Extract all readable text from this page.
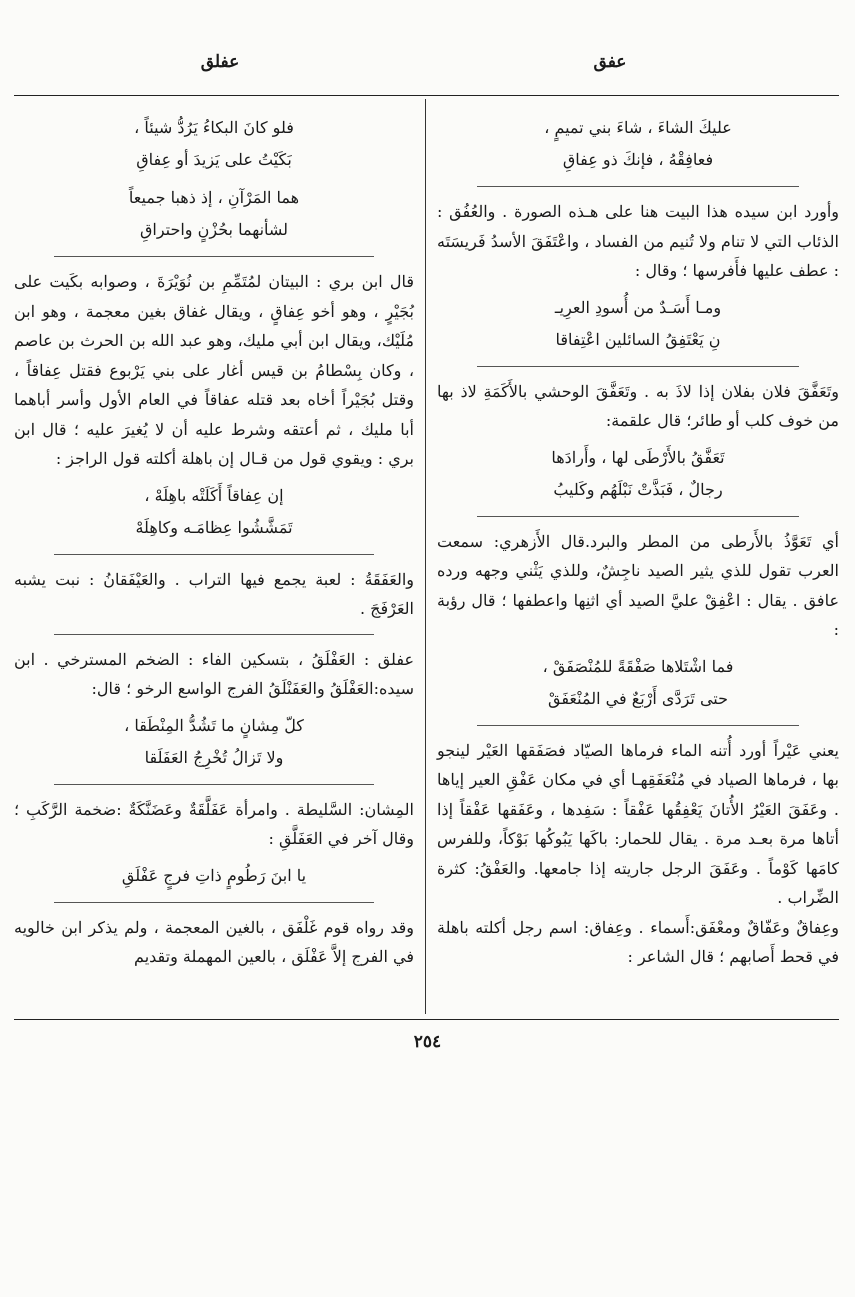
عفلق	عفق
عليكَ الشاءَ ، شاءَ بني تميمٍ ،
فعافِقْهُ ، فإنكَ ذو عِفاقِ

وأورد ابن سيده هذا البيت هنا على هـذه الصورة . والعُفُق : الذئاب التي لا تنام ولا تُنيم من الفساد ، واعْتَفَقَ الأسدُ فَريسَتَه : عطف عليها فأَفرسها ؛ وقال :

ومـا أَسَـدٌ من أُسودِ العرِيـ
نِ يَعْتَفِقُ السائلين اعْتِفاقا

وتَعَفَّقَ فلان بفلان إذا لاذَ به . وتَعَفَّقَ الوحشي بالأَكَمَةِ لاذ بها من خوف كلب أو طائر؛ قال علقمة:

تَعَفَّقُ بالأَرْطَى لها ، وأَرادَها
رجالٌ ، فَبَذَّتْ نَبْلَهُم وكَليبُ

أي تَعَوَّذُ بالأَرطى من المطر والبرد.قال الأَزهري: سمعت العرب تقول للذي يثير الصيد ناجِشٌ، وللذي يَثْني وجهه ورده عافق . يقال : اعْفِقْ عليَّ الصيد أي اثنِها واعطفها ؛ قال رؤبة :

فما اشْتَلاها صَفْقَةً للمُنْصَفَقْ ،
حتى تَرَدَّى أَرْبَعٌ في المُنْعَفَقْ

يعني عَيْراً أورد أُتنه الماء فرماها الصيّاد فصَفَقها العَيْر لينجو بها ، فرماها الصياد في مُنْعَفَقِهـا أي في مكان عَفْقِ العير إياها . وعَفَقَ العَيْرُ الأُتانَ يَعْفِقُها عَفْقاً : سَفِدها ، وعَفَقها عَفْقاً إذا أتاها مرة بعـد مرة . يقال للحمار: باكَها يَبُوكُها بَوْكاً، وللفرس كامَها كَوْماً . وعَفَقَ الرجل جاريته إذا جامعها. والعَفْقُ: كثرة الضِّراب .

وعِفاقٌ وعَفّاقٌ ومعْفَق:أَسماء . وعِفاق: اسم رجل أكلته باهلة في قحط أَصابهم ؛ قال الشاعر :

فلو كانَ البكاءُ يَرُدُّ شيئاً ،
بَكَيْتُ على يَزيدَ أو عِفاقِ
هما المَرْآنِ ، إذ ذهبا جميعاً
لشأنهما بحُزْنٍ واحتراقِ

قال ابن بري : البيتان لمُتَمِّمِ بن نُوَيْرَةَ ، وصوابه بكَيت على بُجَيْرٍ ، وهو أخو عِفاقٍ ، ويقال غفاق بغين معجمة ، وهو ابن مُلَيْك، ويقال ابن أبي مليك، وهو عبد الله بن الحرث بن عاصم ، وكان بِسْطامُ بن قيس أغار على بني يَرْبوع فقتل عِفاقاً ، وقتل بُجَيْراً أخاه بعد قتله عفاقاً في العام الأول وأسر أباهما أبا مليك ، ثم أعتقه وشرط عليه أن لا يُغيرَ عليه ؛ قال ابن بري : ويقوي قول من قـال إن باهلة أكلته قول الراجز :

إن عِفاقاً أَكَلَتْه باهِلَهْ ،
تَمَشَّشُوا عِظامَـه وكاهِلَهْ

والعَفَقَةُ : لعبة يجمع فيها التراب . والعَيْفَقانُ : نبت يشبه العَرْفَجَ .

عفلق : العَفْلَقُ ، بتسكين الفاء : الضخم المسترخي . ابن سيده:العَفْلَقُ والعَفَنْلَقُ الفرج الواسع الرخو ؛ قال:

كلّ مِشانٍ ما تَشُدُّ المِنْطَقا ،
ولا تَزالُ تُخْرِجُ العَفَلَقا

المِشان: السَّليطة . وامرأة عَفَلَّقَةٌ وعَضَنَّكَةٌ :ضخمة الرَّكَبِ ؛ وقال آخر في العَفَلَّقِ :

يا ابنَ رَطُومٍ ذاتِ فرجٍ عَفْلَقِ

وقد رواه قوم غَلْفَق ، بالغين المعجمة ، ولم يذكر ابن خالويه في الفرج إلاَّ عَفْلَق ، بالعين المهملة وتقديم

٢٥٤
